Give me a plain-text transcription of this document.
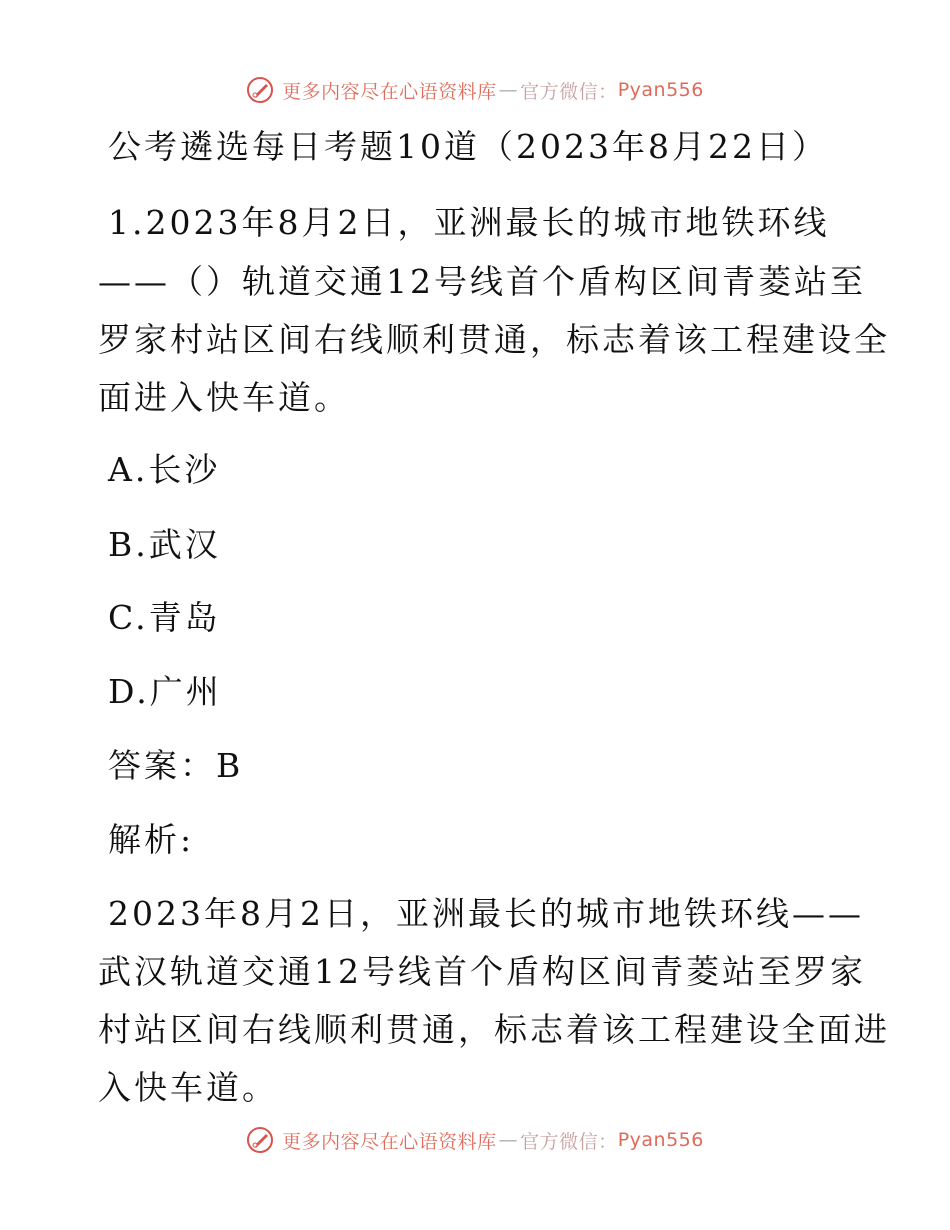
更多内容尽在心语资料库 — 官方微信： Pyan556
公考遴选每日考题10道（2023年8月22日）
1.2023年8月2日，亚洲最长的城市地铁环线
——（）轨道交通12号线首个盾构区间青菱站至
罗家村站区间右线顺利贯通，标志着该工程建设全
面进入快车道。
A.长沙
B.武汉
C.青岛
D.广州
答案：B
解析:
2023年8月2日，亚洲最长的城市地铁环线——
武汉轨道交通12号线首个盾构区间青菱站至罗家
村站区间右线顺利贯通，标志着该工程建设全面进
入快车道。
更多内容尽在心语资料库 — 官方微信： Pyan556
